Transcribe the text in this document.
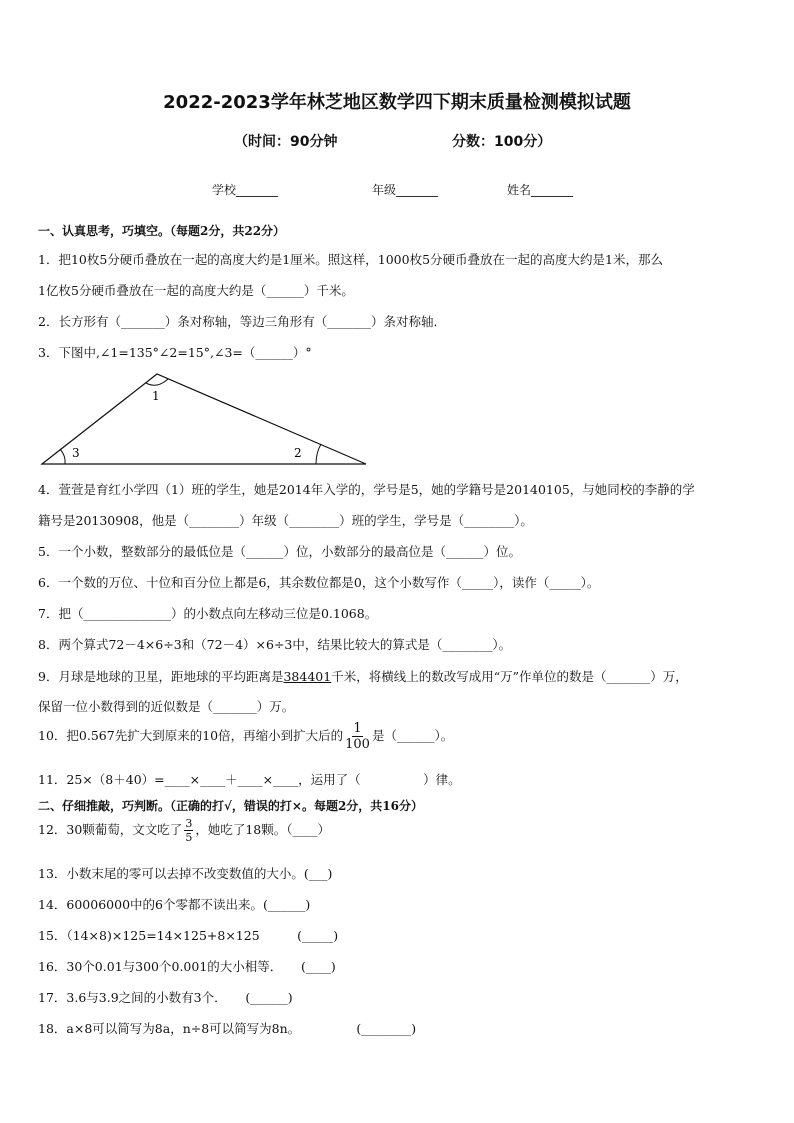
2022-2023学年林芝地区数学四下期末质量检测模拟试题
（时间：90分钟	分数：100分）
学校_______	年级_______	姓名_______
一、认真思考，巧填空。（每题2分，共22分）
1．把10枚5分硬币叠放在一起的高度大约是1厘米。照这样，1000枚5分硬币叠放在一起的高度大约是1米，那么
1亿枚5分硬币叠放在一起的高度大约是（______）千米。
2．长方形有（_______）条对称轴，等边三角形有（_______）条对称轴．
3．下图中,∠1=135°∠2=15°,∠3=（______）°
1
3	2
4．萱萱是育红小学四（1）班的学生，她是2014年入学的，学号是5，她的学籍号是20140105，与她同校的李静的学
籍号是20130908，他是（________）年级（________）班的学生，学号是（________）。
5．一个小数，整数部分的最低位是（______）位，小数部分的最高位是（______）位。
6．一个数的万位、十位和百分位上都是6，其余数位都是0，这个小数写作（_____），读作（_____）。
7．把（______________）的小数点向左移动三位是0.1068。
8．两个算式72－4×6÷3和（72－4）×6÷3中，结果比较大的算式是（________）。
9．月球是地球的卫星，距地球的平均距离是384401千米，将横线上的数改写成用“万”作单位的数是（_______）万，
保留一位小数得到的近似数是（_______）万。
10．把0.567先扩大到原来的10倍，再缩小到扩大后的 $\frac{1}{100}$ 是（______）。
11．25×（8＋40）=____×____＋____×____，运用了（　　　　　）律。
二、仔细推敲，巧判断。（正确的打√，错误的打×。每题2分，共16分）
12．30颗葡萄，文文吃了 $\frac{3}{5}$ ，她吃了18颗。（____）
13．小数末尾的零可以去掉不改变数值的大小。(___)
14．60006000中的6个零都不读出来。(______)
15．（14×8)×125=14×125+8×125　　　(_____)
16．30个0.01与300个0.001的大小相等．　　(____)
17．3.6与3.9之间的小数有3个．　　(______)
18．a×8可以简写为8a，n÷8可以简写为8n。　　　　　(________)
